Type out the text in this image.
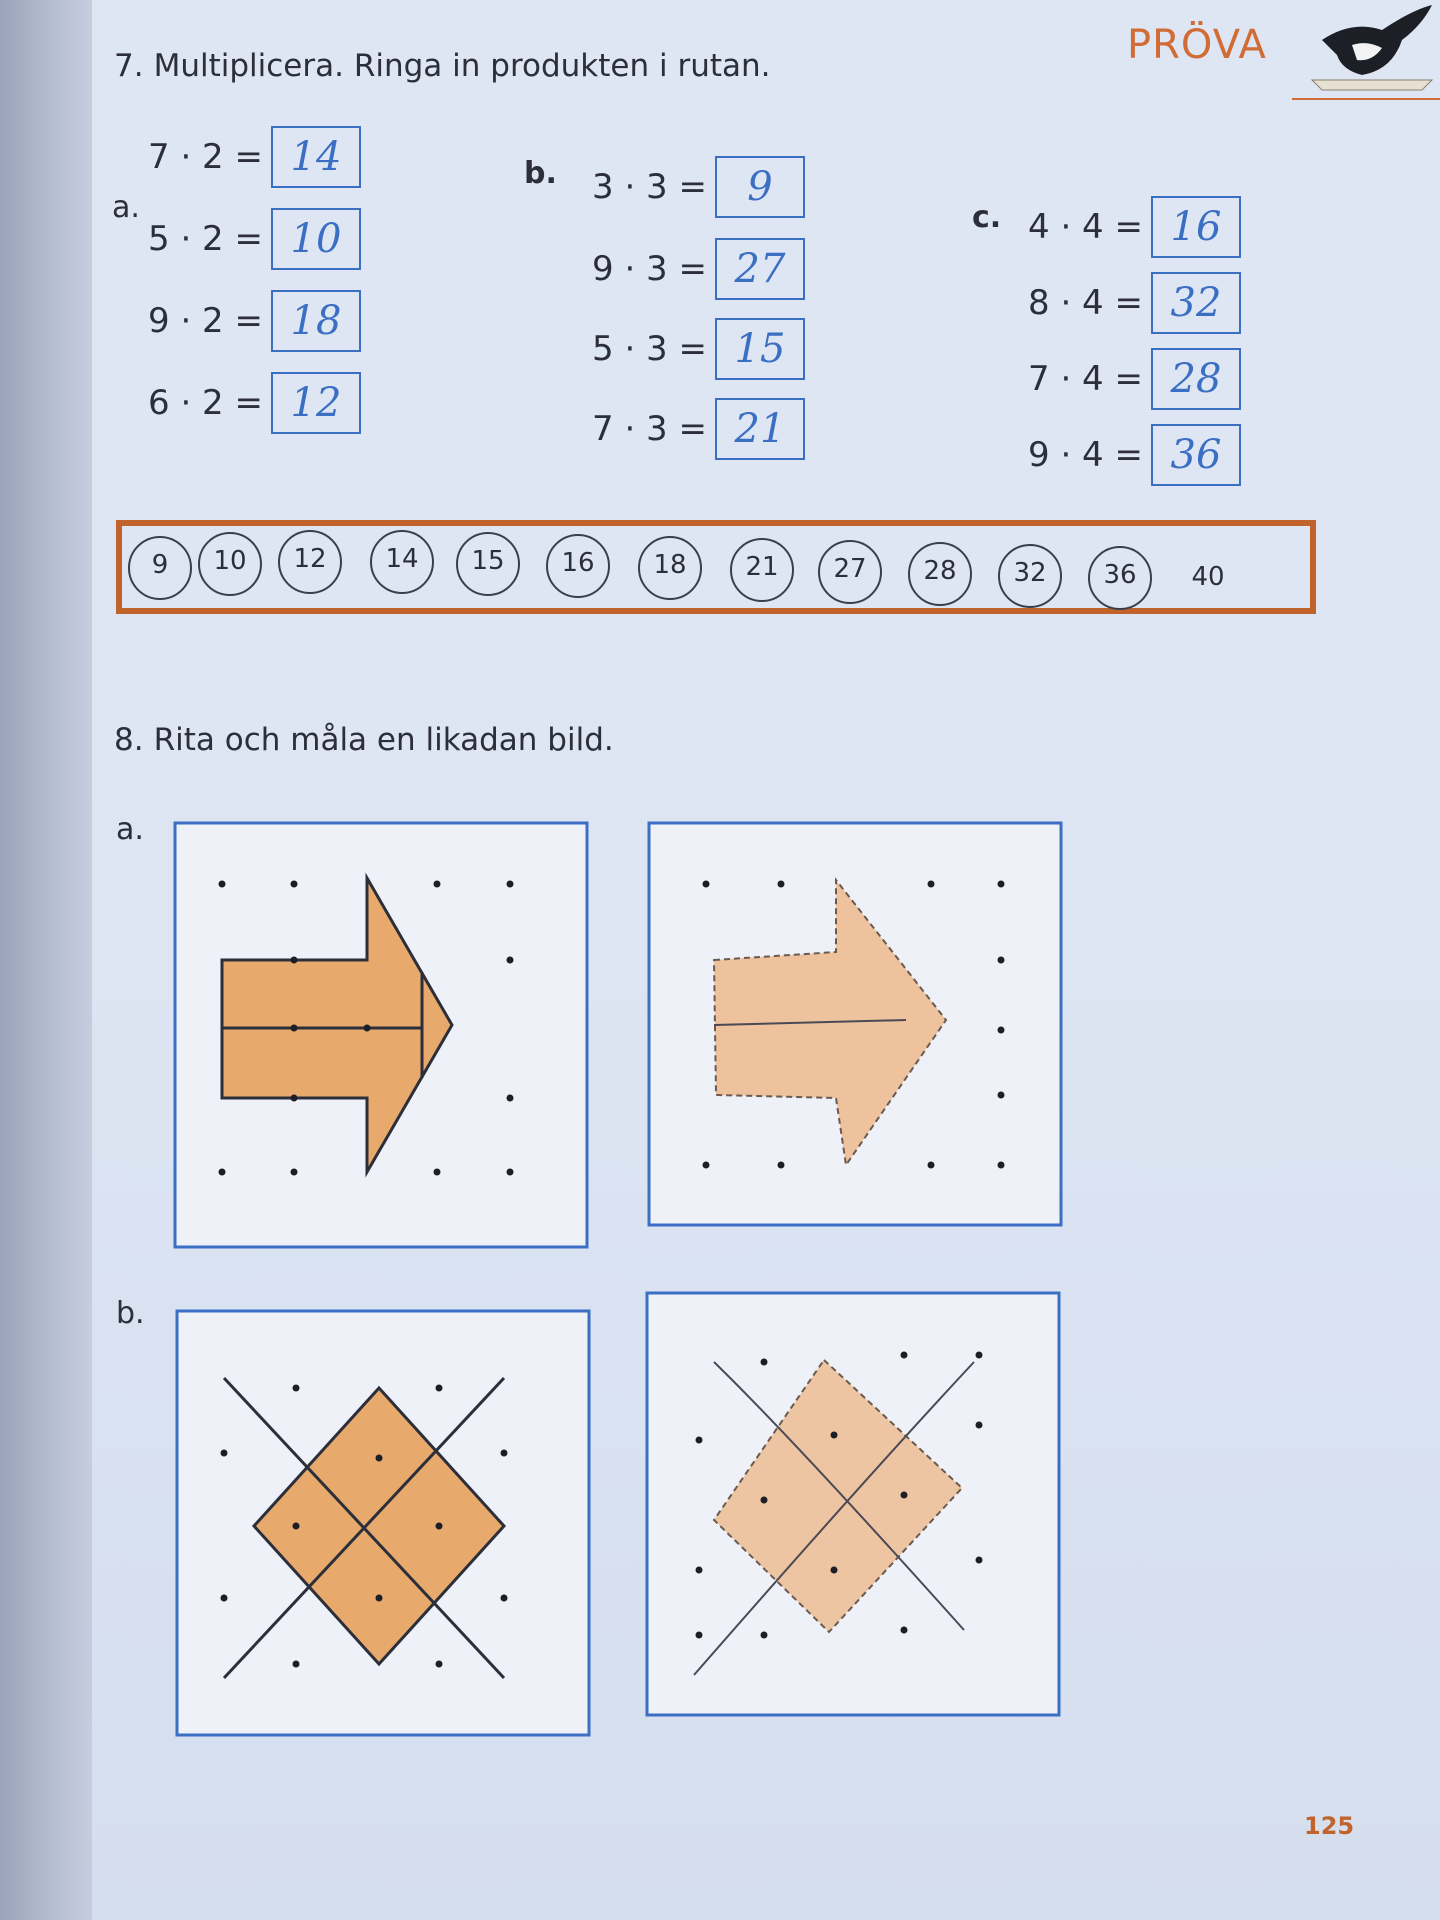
PRÖVA
7. Multiplicera. Ringa in produkten i rutan.
a.
b.
c.
7 · 2 = 14
5 · 2 = 10
9 · 2 = 18
6 · 2 = 12
3 · 3 =	9
9 · 3 = 27
5 · 3 = 15
7 · 3 = 21
4 · 4 = 16
8 · 4 = 32
7 · 4 = 28
9 · 4 = 36
9	10	12	14	15	16	18	21	27	28	32	36	40
8. Rita och måla en likadan bild.
a.
b.
125
